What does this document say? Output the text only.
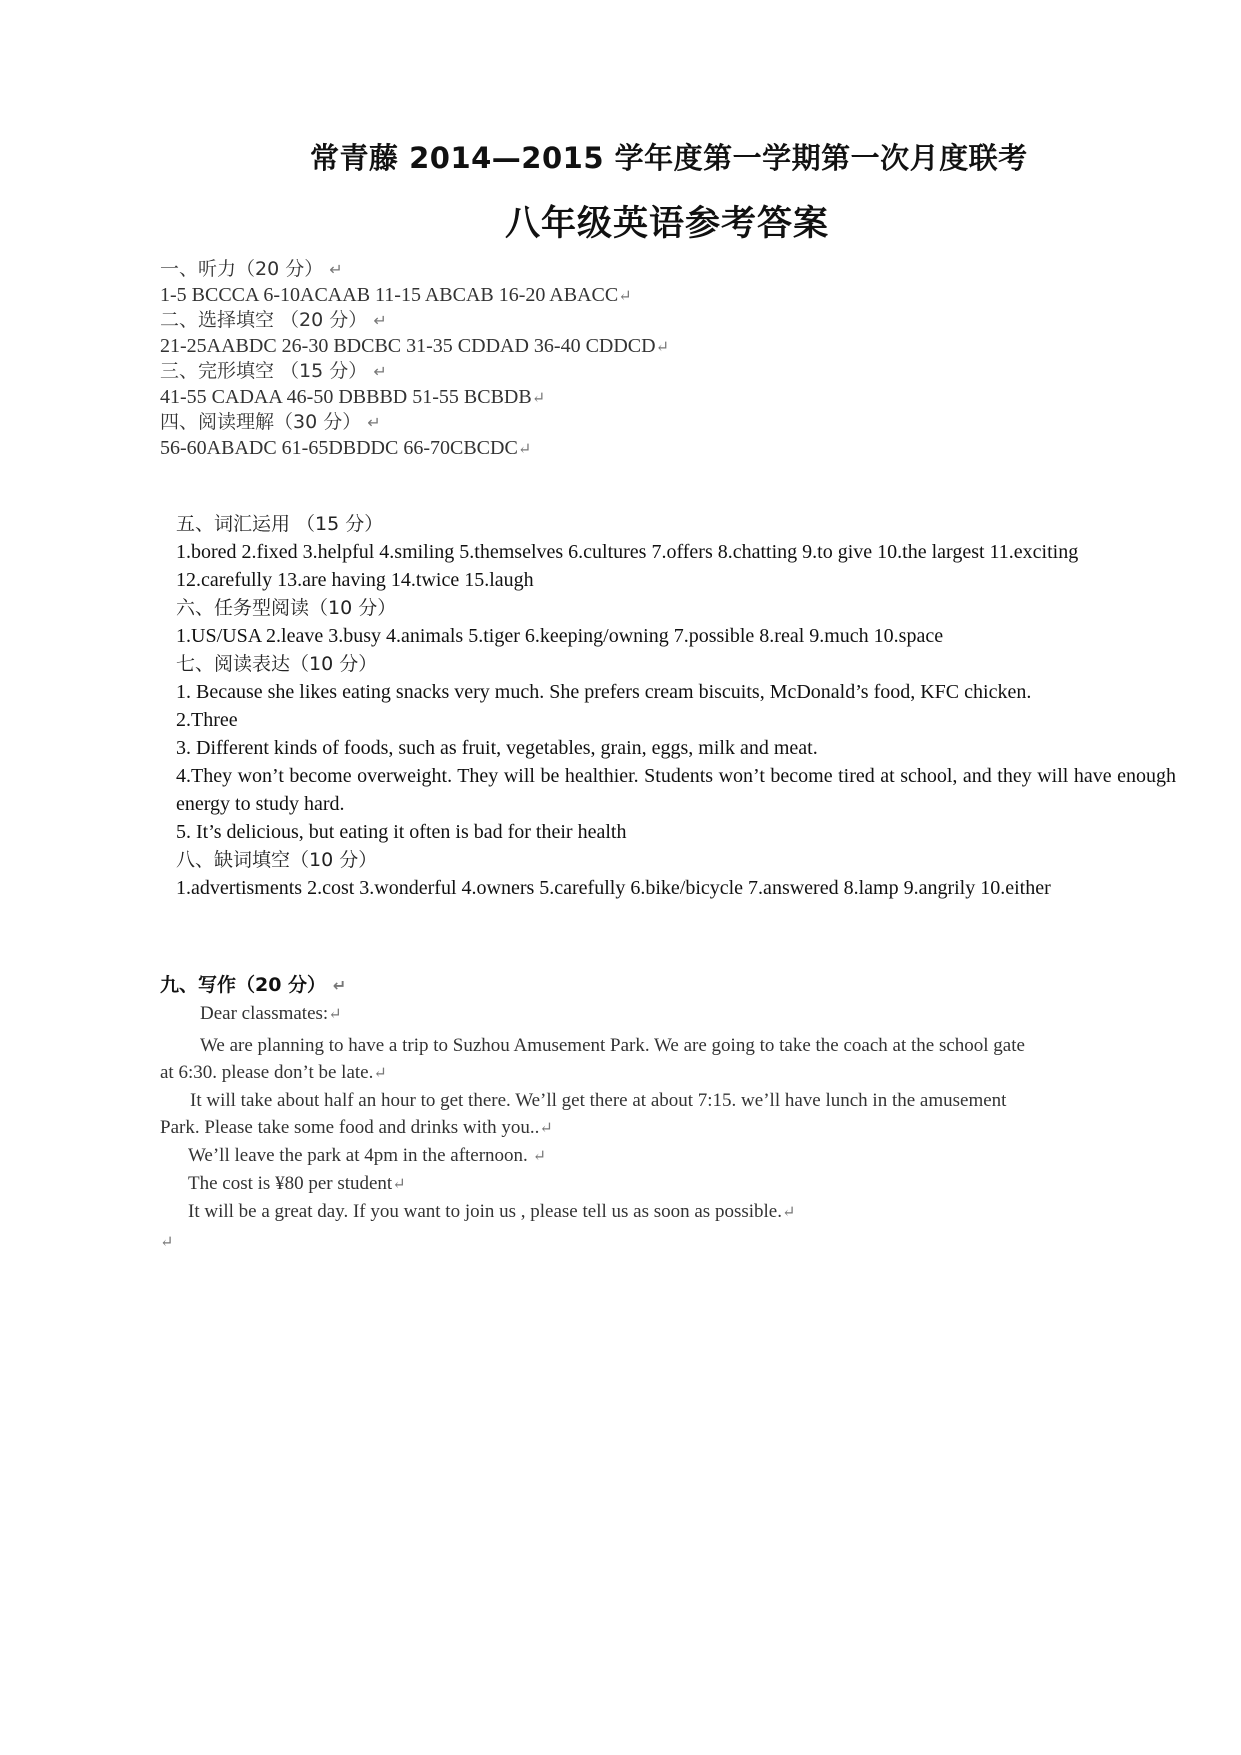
常青藤 2014—2015 学年度第一学期第一次月度联考
八年级英语参考答案
一、听力（20 分） ↵
1-5 BCCCA 6-10ACAAB 11-15 ABCAB 16-20 ABACC↵
二、选择填空 （20 分） ↵
21-25AABDC 26-30 BDCBC 31-35 CDDAD 36-40 CDDCD↵
三、完形填空 （15 分） ↵
41-55 CADAA 46-50 DBBBD 51-55 BCBDB↵
四、阅读理解（30 分） ↵
56-60ABADC 61-65DBDDC 66-70CBCDC↵
五、词汇运用 （15 分）
1.bored 2.fixed 3.helpful 4.smiling 5.themselves 6.cultures 7.offers 8.chatting 9.to give 10.the largest 11.exciting
12.carefully 13.are having 14.twice 15.laugh
六、任务型阅读（10 分）
1.US/USA 2.leave 3.busy 4.animals 5.tiger 6.keeping/owning 7.possible 8.real 9.much 10.space
七、阅读表达（10 分）
1. Because she likes eating snacks very much. She prefers cream biscuits, McDonald’s food, KFC chicken.
2.Three
3. Different kinds of foods, such as fruit, vegetables, grain, eggs, milk and meat.
4.They won’t become overweight. They will be healthier. Students won’t become tired at school, and they will have enough energy to study hard.
5. It’s delicious, but eating it often is bad for their health
八、缺词填空（10 分）
1.advertisments 2.cost 3.wonderful 4.owners 5.carefully 6.bike/bicycle 7.answered 8.lamp 9.angrily 10.either
九、写作（20 分） ↵
Dear classmates:↵
We are planning to have a trip to Suzhou Amusement Park. We are going to take the coach at the school gate
at 6:30. please don’t be late.↵
It will take about half an hour to get there. We’ll get there at about 7:15. we’ll have lunch in the amusement
Park. Please take some food and drinks with you..↵
We’ll leave the park at 4pm in the afternoon. ↵
The cost is ¥80 per student↵
It will be a great day. If you want to join us , please tell us as soon as possible.↵
↵
